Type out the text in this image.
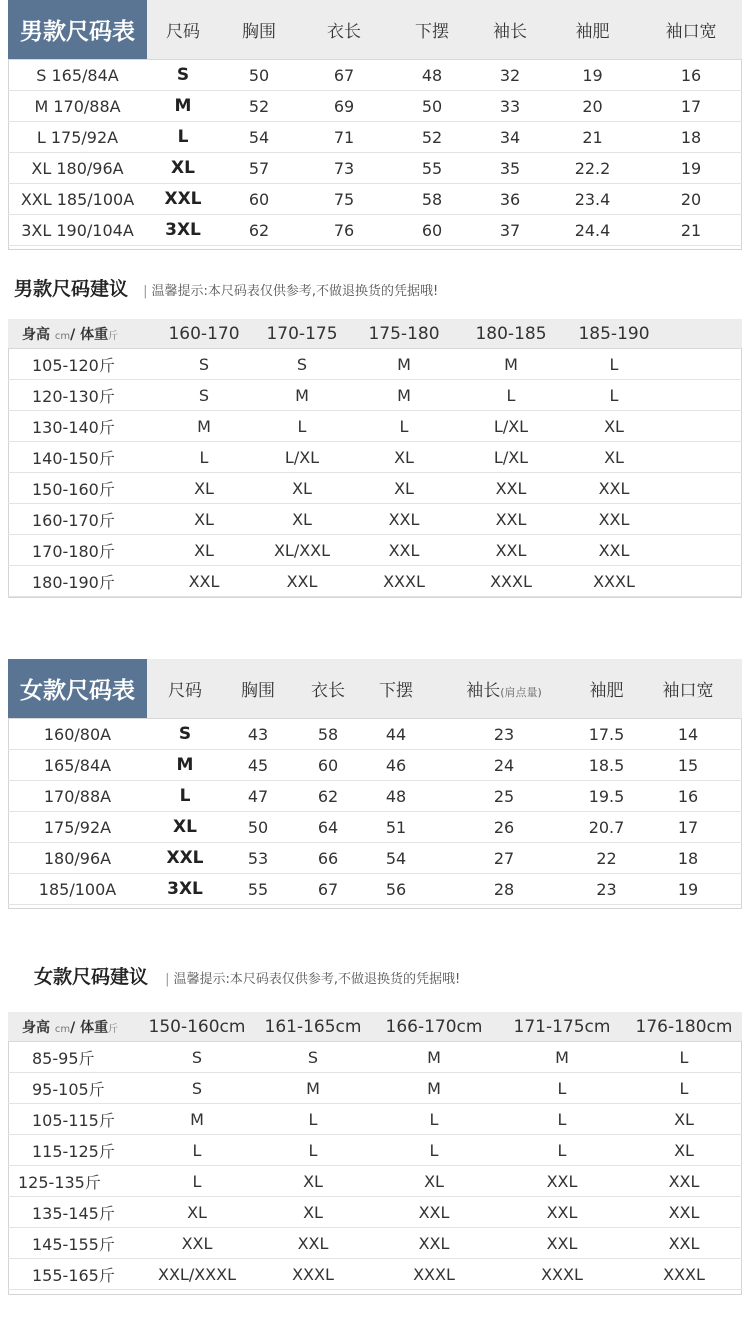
男款尺码表	尺码	胸围	衣长	下摆	袖长	袖肥	袖口宽
S 165/84A	S	50	67	48	32	19	16
M 170/88A	M	52	69	50	33	20	17
L 175/92A	L	54	71	52	34	21	18
XL 180/96A	XL	57	73	55	35	22.2	19
XXL 185/100A	XXL	60	75	58	36	23.4	20
3XL 190/104A	3XL	62	76	60	37	24.4	21
男款尺码建议 | 温馨提示:本尺码表仅供参考,不做退换货的凭据哦!
身高 cm/ 体重斤	160-170	170-175	175-180	180-185	185-190	
105-120斤	S	S	M	M	L	
120-130斤	S	M	M	L	L	
130-140斤	M	L	L	L/XL	XL	
140-150斤	L	L/XL	XL	L/XL	XL	
150-160斤	XL	XL	XL	XXL	XXL	
160-170斤	XL	XL	XXL	XXL	XXL	
170-180斤	XL	XL/XXL	XXL	XXL	XXL	
180-190斤	XXL	XXL	XXXL	XXXL	XXXL	
女款尺码表	尺码	胸围	衣长	下摆	袖长(肩点量)	袖肥	袖口宽
160/80A	S	43	58	44	23	17.5	14
165/84A	M	45	60	46	24	18.5	15
170/88A	L	47	62	48	25	19.5	16
175/92A	XL	50	64	51	26	20.7	17
180/96A	XXL	53	66	54	27	22	18
185/100A	3XL	55	67	56	28	23	19
女款尺码建议 | 温馨提示:本尺码表仅供参考,不做退换货的凭据哦!
身高 cm/ 体重斤	150-160cm	161-165cm	166-170cm	171-175cm	176-180cm
85-95斤	S	S	M	M	L
95-105斤	S	M	M	L	L
105-115斤	M	L	L	L	XL
115-125斤	L	L	L	L	XL
125-135斤	L	XL	XL	XXL	XXL
135-145斤	XL	XL	XXL	XXL	XXL
145-155斤	XXL	XXL	XXL	XXL	XXL
155-165斤	XXL/XXXL	XXXL	XXXL	XXXL	XXXL
